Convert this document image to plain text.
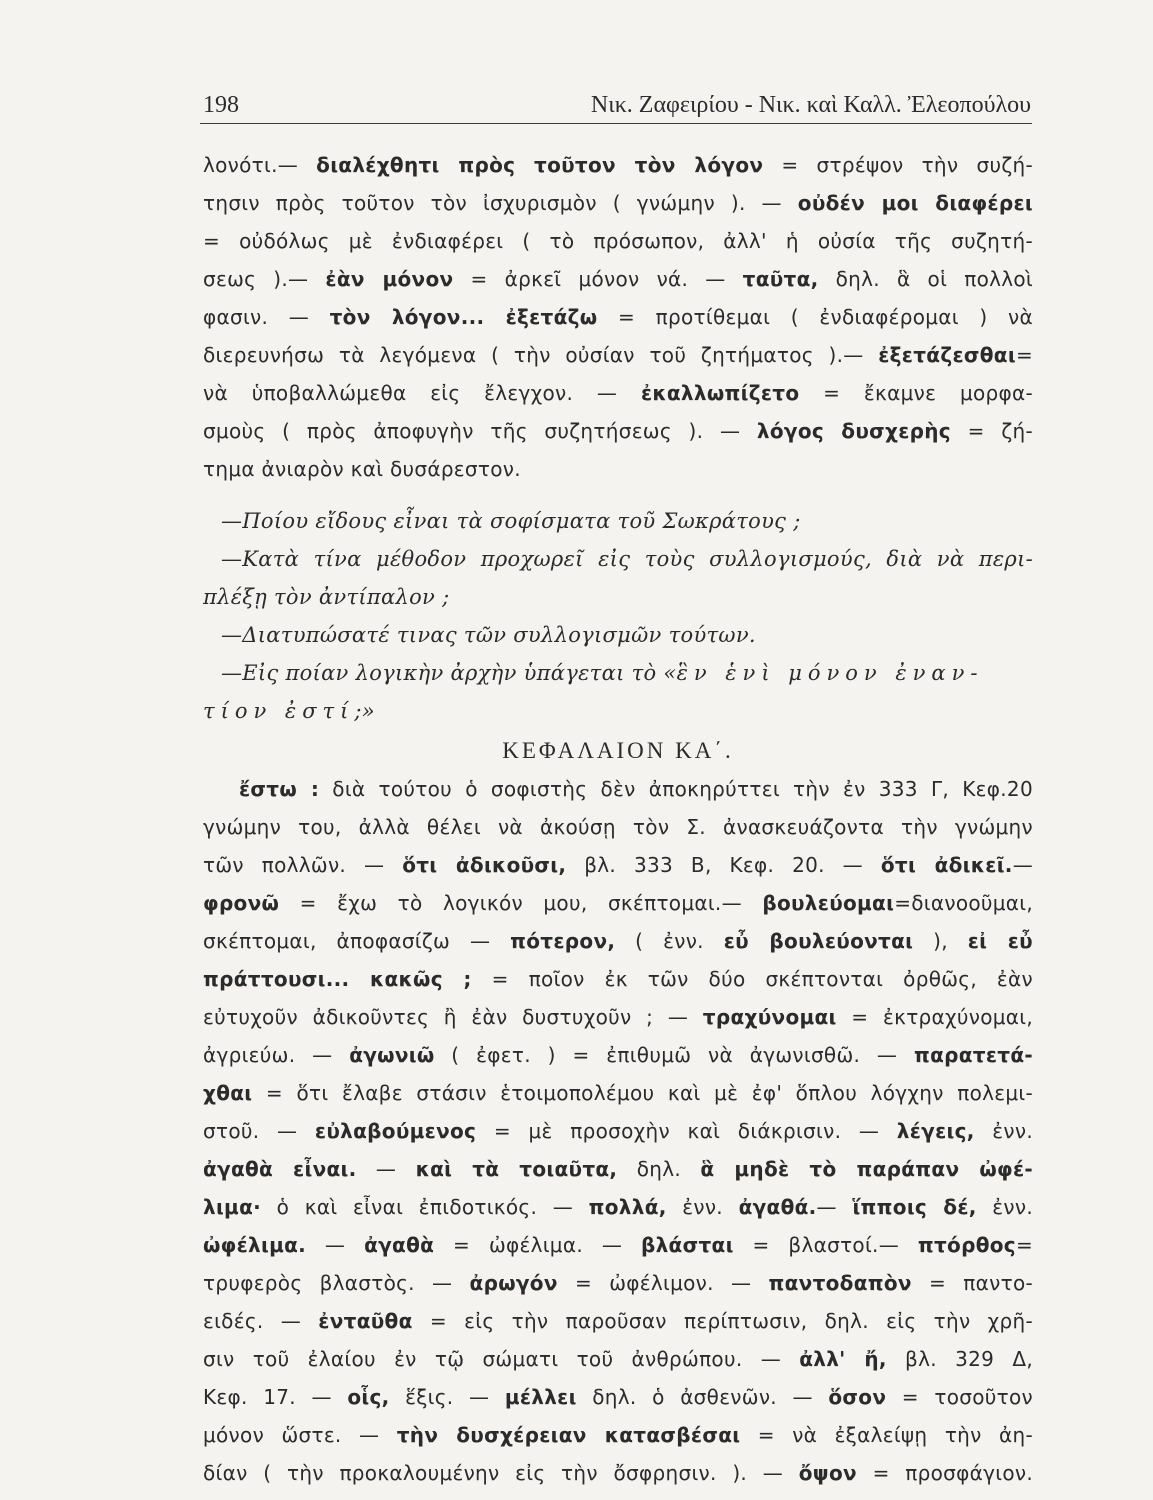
198	Νικ. Ζαφειρίου - Νικ. καὶ Καλλ. Ἐλεοπούλου
λονότι.— διαλέχθητι πρὸς τοῦτον τὸν λόγον = στρέψον τὴν συζή-
τησιν πρὸς τοῦτον τὸν ἰσχυρισμὸν ( γνώμην ). — οὐδέν μοι διαφέρει
= οὐδόλως μὲ ἐνδιαφέρει ( τὸ πρόσωπον, ἀλλ' ἡ οὐσία τῆς συζητή-
σεως ).— ἐὰν μόνον = ἀρκεῖ μόνον νά. — ταῦτα, δηλ. ἃ οἱ πολλοὶ
φασιν. — τὸν λόγον... ἐξετάζω = προτίθεμαι ( ἐνδιαφέρομαι ) νὰ
διερευνήσω τὰ λεγόμενα ( τὴν οὐσίαν τοῦ ζητήματος ).— ἐξετάζεσθαι=
νὰ ὑποβαλλώμεθα εἰς ἔλεγχον. — ἐκαλλωπίζετο = ἔκαμνε μορφα-
σμοὺς ( πρὸς ἀποφυγὴν τῆς συζητήσεως ). — λόγος δυσχερὴς = ζή-
τημα ἀνιαρὸν καὶ δυσάρεστον.
—Ποίου εἴδους εἶναι τὰ σοφίσματα τοῦ Σωκράτους ;
—Κατὰ τίνα μέθοδον προχωρεῖ εἰς τοὺς συλλογισμούς, διὰ νὰ περι-
πλέξῃ τὸν ἀντίπαλον ;
—Διατυπώσατέ τινας τῶν συλλογισμῶν τούτων.
—Εἰς ποίαν λογικὴν ἀρχὴν ὑπάγεται τὸ «ἓν ἑνὶ μόνον ἐναν-
τίον ἐστί;»
ΚΕΦΑΛΑΙΟΝ ΚΑ΄.
ἔστω : διὰ τούτου ὁ σοφιστὴς δὲν ἀποκηρύττει τὴν ἐν 333 Γ, Κεφ.20
γνώμην του, ἀλλὰ θέλει νὰ ἀκούσῃ τὸν Σ. ἀνασκευάζοντα τὴν γνώμην
τῶν πολλῶν. — ὅτι ἀδικοῦσι, βλ. 333 Β, Κεφ. 20. — ὅτι ἀδικεῖ.—
φρονῶ = ἔχω τὸ λογικόν μου, σκέπτομαι.— βουλεύομαι=διανοοῦμαι,
σκέπτομαι, ἀποφασίζω — πότερον, ( ἐνν. εὖ βουλεύονται ), εἰ εὖ
πράττουσι... κακῶς ; = ποῖον ἐκ τῶν δύο σκέπτονται ὀρθῶς, ἐὰν
εὐτυχοῦν ἀδικοῦντες ἢ ἐὰν δυστυχοῦν ; — τραχύνομαι = ἐκτραχύνομαι,
ἀγριεύω. — ἀγωνιῶ ( ἐφετ. ) = ἐπιθυμῶ νὰ ἀγωνισθῶ. — παρατετά-
χθαι = ὅτι ἔλαβε στάσιν ἑτοιμοπολέμου καὶ μὲ ἐφ' ὅπλου λόγχην πολεμι-
στοῦ. — εὐλαβούμενος = μὲ προσοχὴν καὶ διάκρισιν. — λέγεις, ἐνν.
ἀγαθὰ εἶναι. — καὶ τὰ τοιαῦτα, δηλ. ἃ μηδὲ τὸ παράπαν ὠφέ-
λιμα· ὁ καὶ εἶναι ἐπιδοτικός. — πολλά, ἐνν. ἀγαθά.— ἵπποις δέ, ἐνν.
ὠφέλιμα. — ἀγαθὰ = ὠφέλιμα. — βλάσται = βλαστοί.— πτόρθος=
τρυφερὸς βλαστὸς. — ἀρωγόν = ὠφέλιμον. — παντοδαπὸν = παντο-
ειδές. — ἐνταῦθα = εἰς τὴν παροῦσαν περίπτωσιν, δηλ. εἰς τὴν χρῆ-
σιν τοῦ ἐλαίου ἐν τῷ σώματι τοῦ ἀνθρώπου. — ἀλλ' ἤ, βλ. 329 Δ,
Κεφ. 17. — οἷς, ἕξις. — μέλλει δηλ. ὁ ἀσθενῶν. — ὅσον = τοσοῦτον
μόνον ὥστε. — τὴν δυσχέρειαν κατασβέσαι = νὰ ἐξαλείψῃ τὴν ἀη-
δίαν ( τὴν προκαλουμένην εἰς τὴν ὄσφρησιν. ). — ὄψον = προσφάγιον.
